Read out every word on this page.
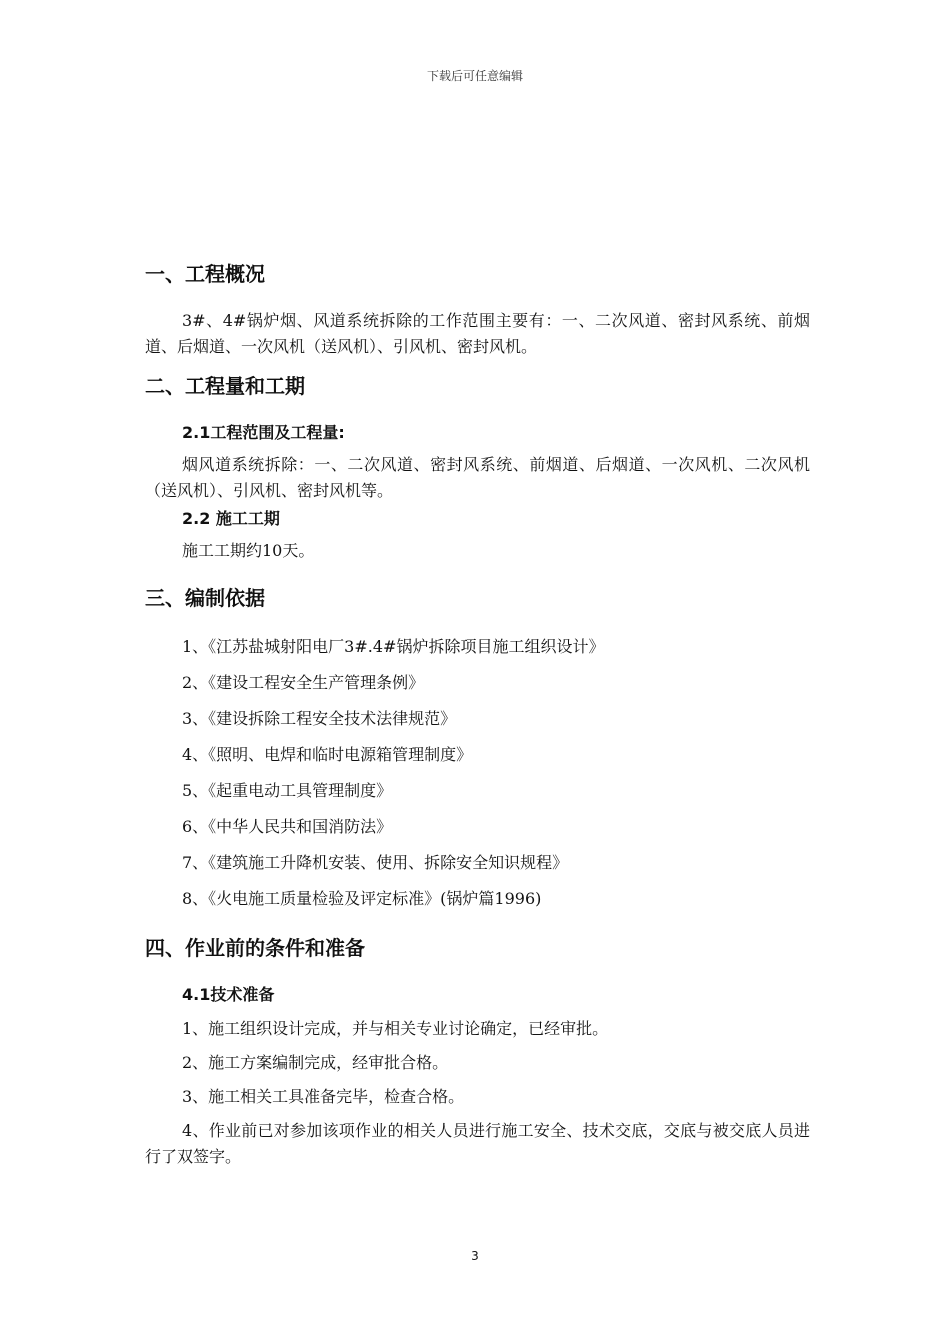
下载后可任意编辑
一、工程概况
3#、4#锅炉烟、风道系统拆除的工作范围主要有：一、二次风道、密封风系统、前烟道、后烟道、一次风机（送风机）、引风机、密封风机。
二、工程量和工期
2.1工程范围及工程量:
烟风道系统拆除：一、二次风道、密封风系统、前烟道、后烟道、一次风机、二次风机（送风机）、引风机、密封风机等。
2.2 施工工期
施工工期约10天。
三、编制依据
1、《江苏盐城射阳电厂3#.4#锅炉拆除项目施工组织设计》
2、《建设工程安全生产管理条例》
3、《建设拆除工程安全技术法律规范》
4、《照明、电焊和临时电源箱管理制度》
5、《起重电动工具管理制度》
6、《中华人民共和国消防法》
7、《建筑施工升降机安装、使用、拆除安全知识规程》
8、《火电施工质量检验及评定标准》(锅炉篇1996)
四、作业前的条件和准备
4.1技术准备
1、施工组织设计完成，并与相关专业讨论确定，已经审批。
2、施工方案编制完成，经审批合格。
3、施工相关工具准备完毕，检查合格。
4、作业前已对参加该项作业的相关人员进行施工安全、技术交底，交底与被交底人员进行了双签字。
3
